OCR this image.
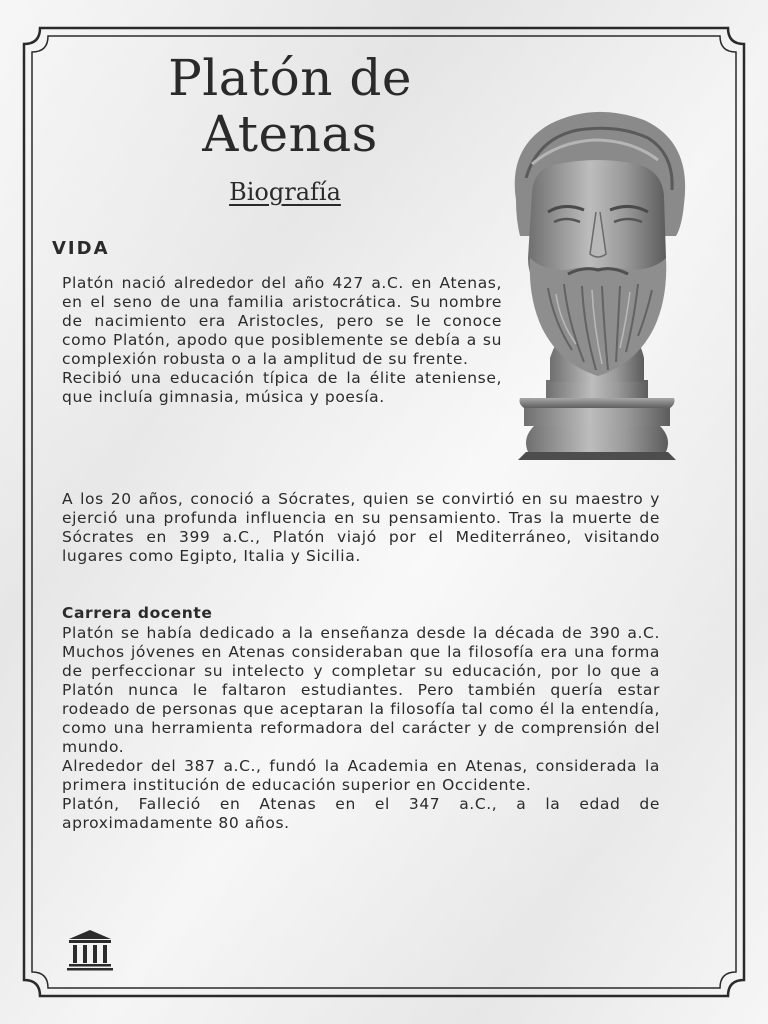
Platón de Atenas
Biografía
VIDA
Platón nació alrededor del año 427 a.C. en Atenas, en el seno de una familia aristocrática. Su nombre de nacimiento era Aristocles, pero se le conoce como Platón, apodo que posiblemente se debía a su complexión robusta o a la amplitud de su frente.
Recibió una educación típica de la élite ateniense, que incluía gimnasia, música y poesía.
A los 20 años, conoció a Sócrates, quien se convirtió en su maestro y ejerció una profunda influencia en su pensamiento. Tras la muerte de Sócrates en 399 a.C., Platón viajó por el Mediterráneo, visitando lugares como Egipto, Italia y Sicilia.
Carrera docente
Platón se había dedicado a la enseñanza desde la década de 390 a.C. Muchos jóvenes en Atenas consideraban que la filosofía era una forma de perfeccionar su intelecto y completar su educación, por lo que a Platón nunca le faltaron estudiantes. Pero también quería estar rodeado de personas que aceptaran la filosofía tal como él la entendía, como una herramienta reformadora del carácter y de comprensión del mundo.
Alrededor del 387 a.C., fundó la Academia en Atenas, considerada la primera institución de educación superior en Occidente.
Platón, Falleció en Atenas en el 347 a.C., a la edad de aproximadamente 80 años.
